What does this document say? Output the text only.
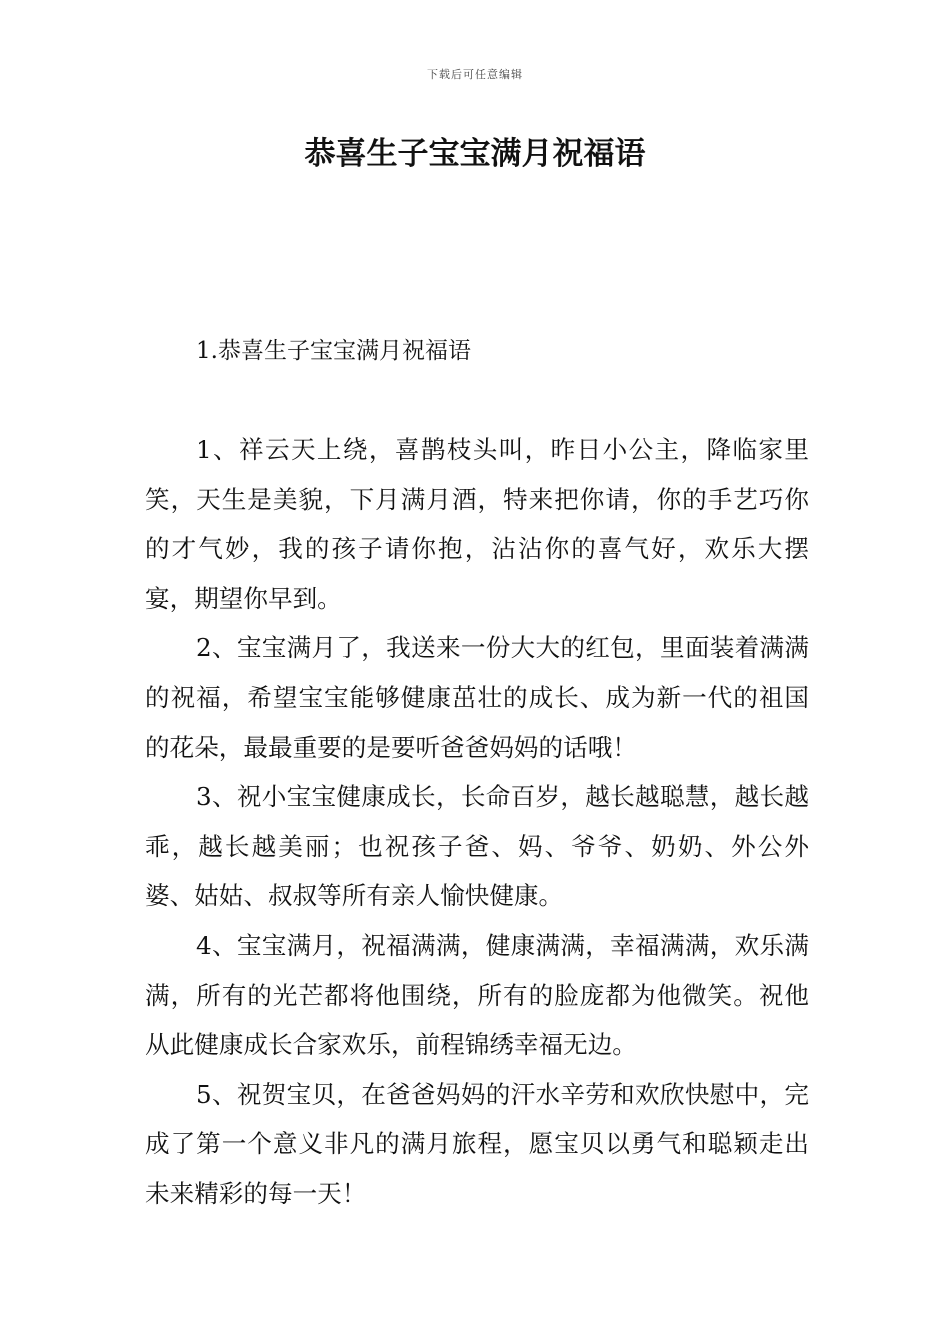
下载后可任意编辑
恭喜生子宝宝满月祝福语
1.恭喜生子宝宝满月祝福语

1、祥云天上绕，喜鹊枝头叫，昨日小公主，降临家里笑，天生是美貌，下月满月酒，特来把你请，你的手艺巧你的才气妙，我的孩子请你抱，沾沾你的喜气好，欢乐大摆宴，期望你早到。

2、宝宝满月了，我送来一份大大的红包，里面装着满满的祝福，希望宝宝能够健康茁壮的成长、成为新一代的祖国的花朵，最最重要的是要听爸爸妈妈的话哦！

3、祝小宝宝健康成长，长命百岁，越长越聪慧，越长越乖，越长越美丽；也祝孩子爸、妈、爷爷、奶奶、外公外婆、姑姑、叔叔等所有亲人愉快健康。

4、宝宝满月，祝福满满，健康满满，幸福满满，欢乐满满，所有的光芒都将他围绕，所有的脸庞都为他微笑。祝他从此健康成长合家欢乐，前程锦绣幸福无边。

5、祝贺宝贝，在爸爸妈妈的汗水辛劳和欢欣快慰中，完成了第一个意义非凡的满月旅程，愿宝贝以勇气和聪颖走出未来精彩的每一天！
